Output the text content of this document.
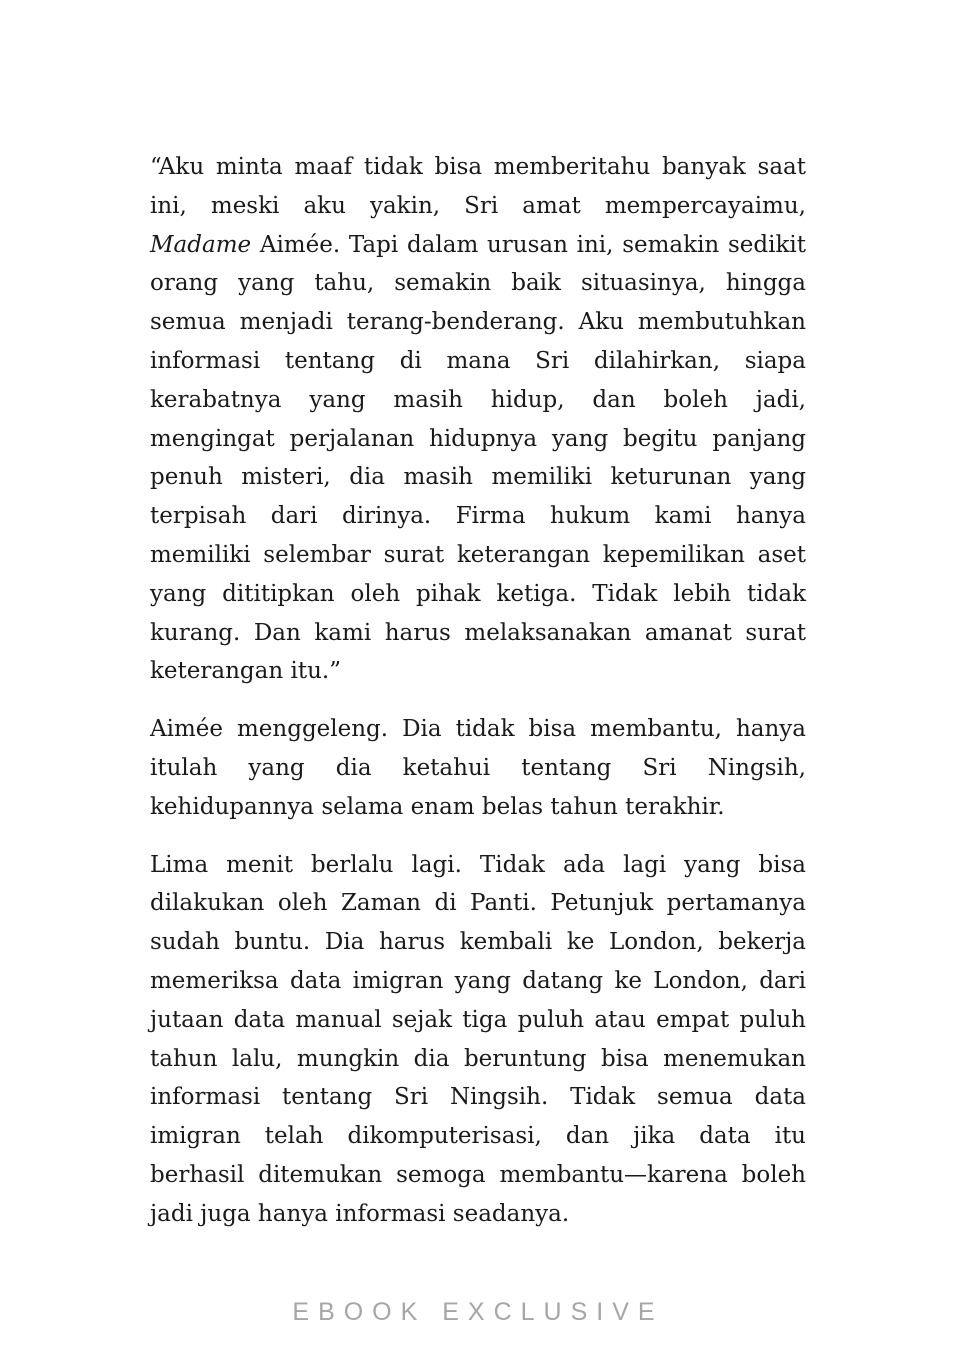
“Aku minta maaf tidak bisa memberitahu banyak saat ini, meski aku yakin, Sri amat mempercayaimu, Madame Aimée. Tapi dalam urusan ini, semakin sedikit orang yang tahu, semakin baik situasinya, hingga semua menjadi terang-benderang. Aku membutuhkan informasi tentang di mana Sri dilahirkan, siapa kerabatnya yang masih hidup, dan boleh jadi, mengingat perjalanan hidupnya yang begitu panjang penuh misteri, dia masih memiliki keturunan yang terpisah dari dirinya. Firma hukum kami hanya memiliki selembar surat keterangan kepemilikan aset yang dititipkan oleh pihak ketiga. Tidak lebih tidak kurang. Dan kami harus melaksanakan amanat surat keterangan itu.”

Aimée menggeleng. Dia tidak bisa membantu, hanya itulah yang dia ketahui tentang Sri Ningsih, kehidupannya selama enam belas tahun terakhir.

Lima menit berlalu lagi. Tidak ada lagi yang bisa dilakukan oleh Zaman di Panti. Petunjuk pertamanya sudah buntu. Dia harus kembali ke London, bekerja memeriksa data imigran yang datang ke London, dari jutaan data manual sejak tiga puluh atau empat puluh tahun lalu, mungkin dia beruntung bisa menemukan informasi tentang Sri Ningsih. Tidak semua data imigran telah dikomputerisasi, dan jika data itu berhasil ditemukan semoga membantu—karena boleh jadi juga hanya informasi seadanya.

EBOOK EXCLUSIVE
